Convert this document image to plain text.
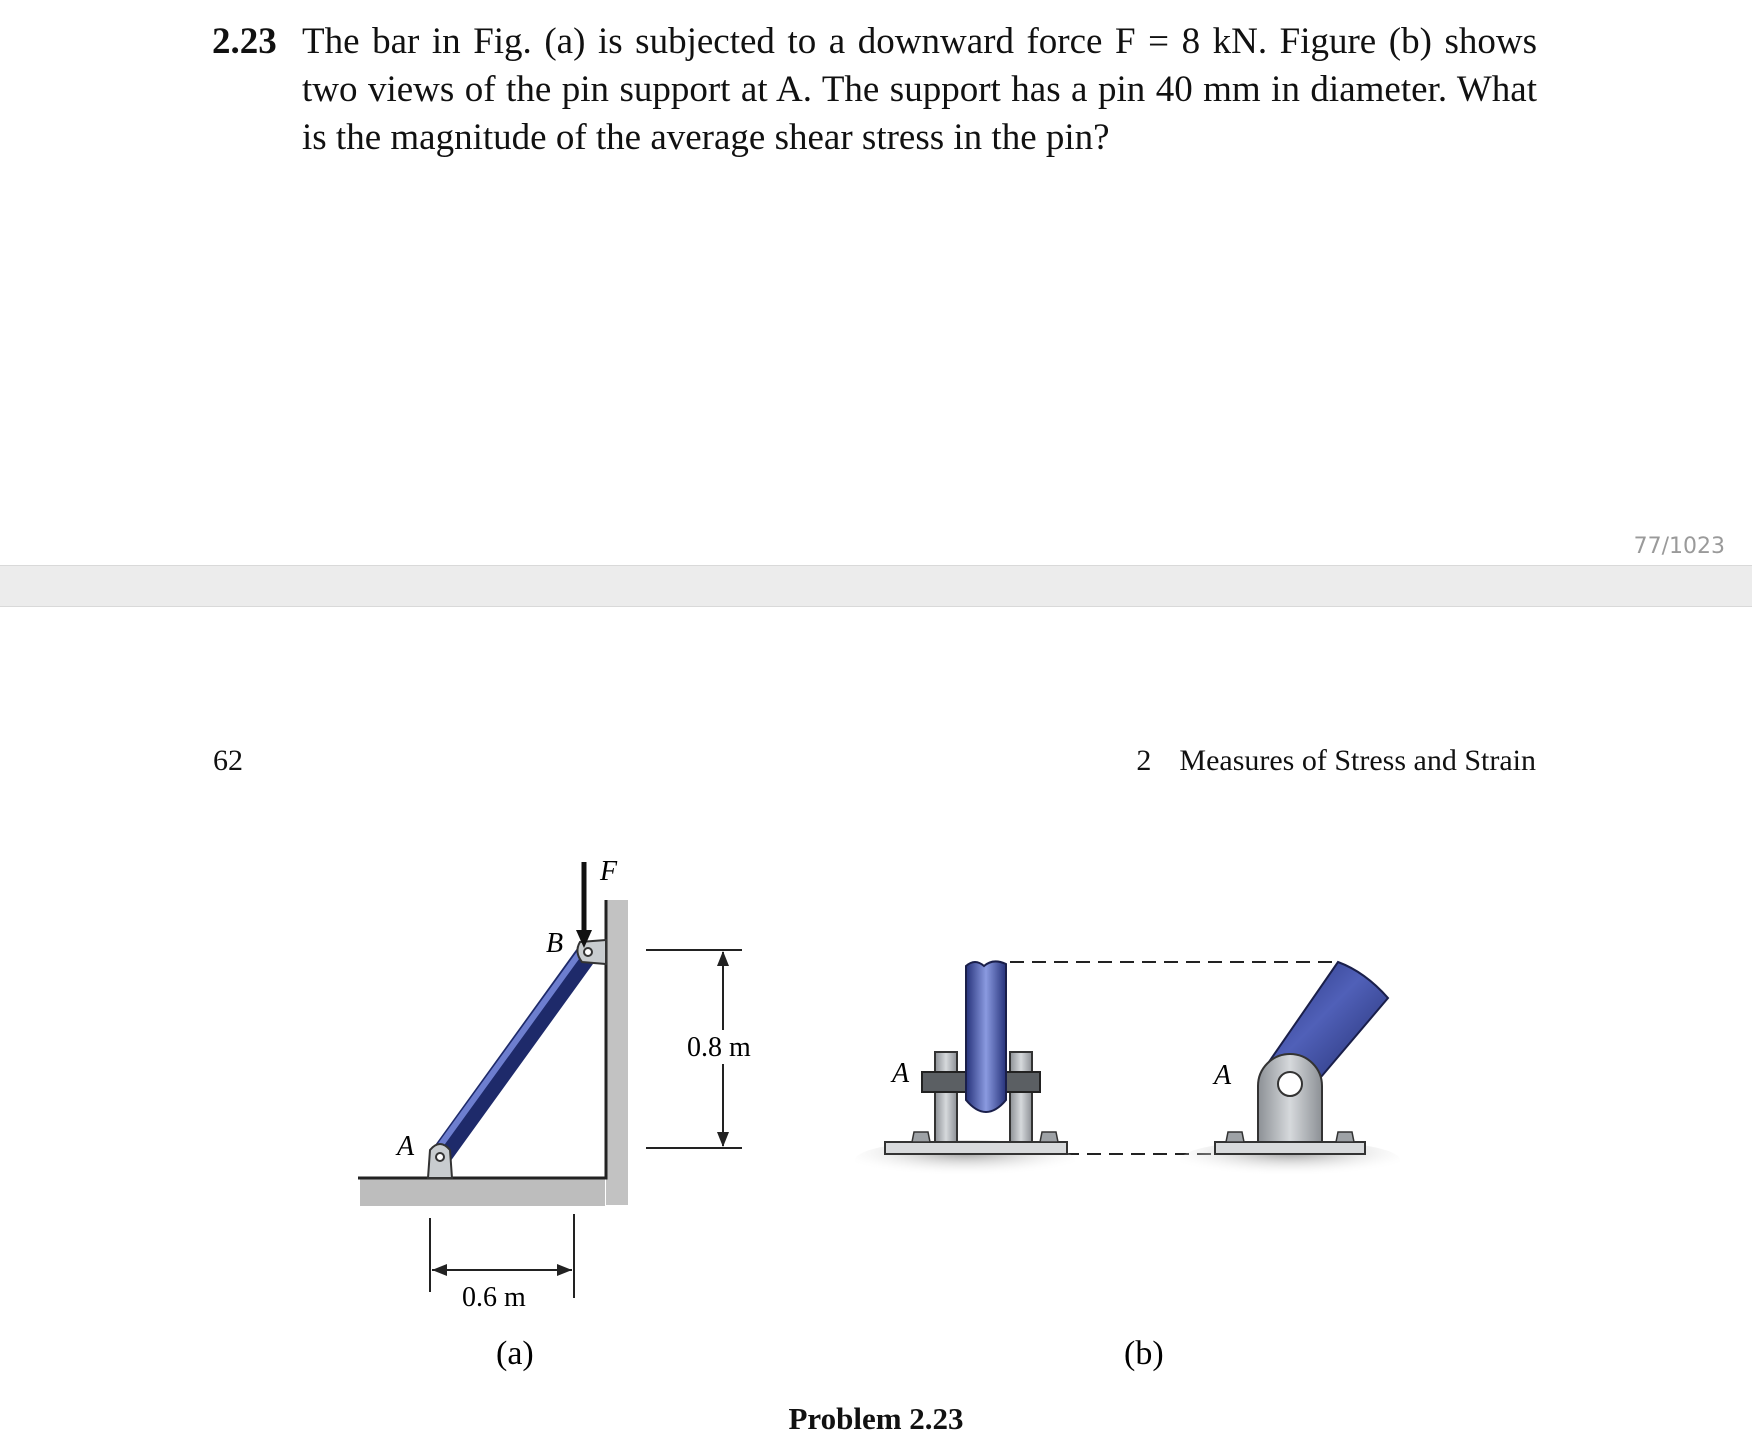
2.23 The bar in Fig. (a) is subjected to a downward force F = 8 kN. Figure (b) shows two views of the pin support at A. The support has a pin 40 mm in diameter. What is the magnitude of the average shear stress in the pin?
77/1023
62	2 Measures of Stress and Strain
F
B
A
0.8 m
0.6 m
(a)
A	A
(b)
Problem 2.23
